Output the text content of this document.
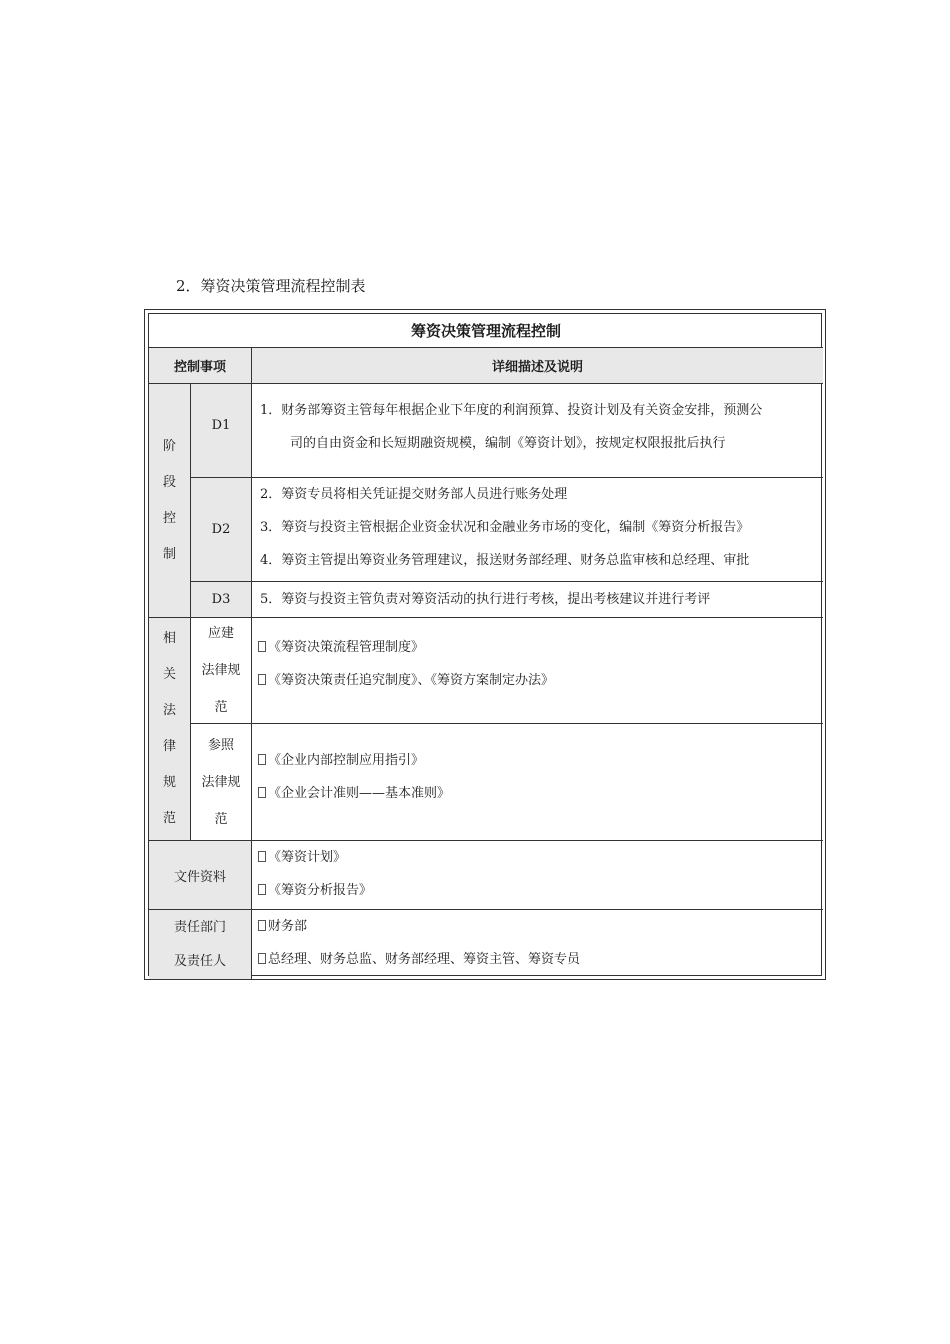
2．筹资决策管理流程控制表
筹资决策管理流程控制
控制事项	详细描述及说明
阶
段
控
制
D1
1．财务部筹资主管每年根据企业下年度的利润预算、投资计划及有关资金安排，预测公
司的自由资金和长短期融资规模，编制《筹资计划》，按规定权限报批后执行
D2
2．筹资专员将相关凭证提交财务部人员进行账务处理
3．筹资与投资主管根据企业资金状况和金融业务市场的变化，编制《筹资分析报告》
4．筹资主管提出筹资业务管理建议，报送财务部经理、财务总监审核和总经理、审批
D3	5．筹资与投资主管负责对筹资活动的执行进行考核，提出考核建议并进行考评
相
关
法
律
规
范
应建
法律规
范
《筹资决策流程管理制度》
《筹资决策责任追究制度》、《筹资方案制定办法》
参照
法律规
范
《企业内部控制应用指引》
《企业会计准则——基本准则》
文件资料
《筹资计划》
《筹资分析报告》
责任部门
及责任人
财务部
总经理、财务总监、财务部经理、筹资主管、筹资专员
